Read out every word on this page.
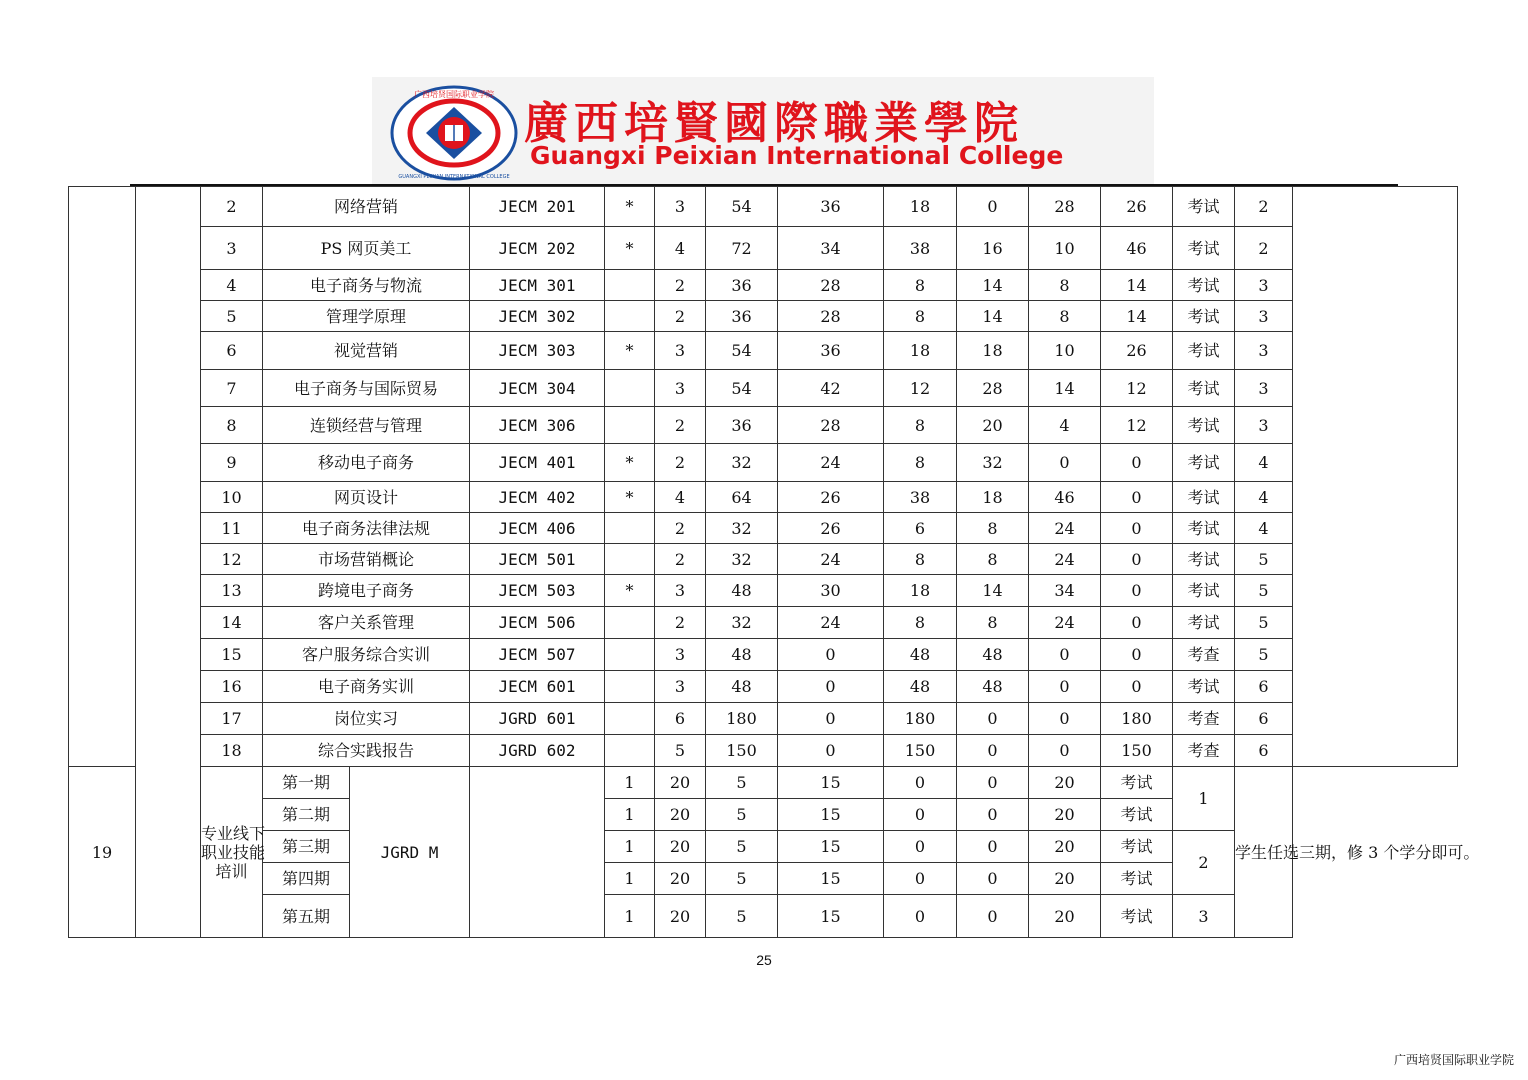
广西培贤国际职业学院
GUANGXI PEIXIAN INTERNATIONAL COLLEGE
廣西培賢國際職業學院
Guangxi Peixian International College
		2	网络营销		JECM 201	*	3	54	36	18	0	28	26	考试	2	
		3	PS 网页美工		JECM 202	*	4	72	34	38	16	10	46	考试	2	
		4	电子商务与物流		JECM 301		2	36	28	8	14	8	14	考试	3	
		5	管理学原理		JECM 302		2	36	28	8	14	8	14	考试	3	
		6	视觉营销		JECM 303	*	3	54	36	18	18	10	26	考试	3	
		7	电子商务与国际贸易		JECM 304		3	54	42	12	28	14	12	考试	3	
		8	连锁经营与管理		JECM 306		2	36	28	8	20	4	12	考试	3	
		9	移动电子商务		JECM 401	*	2	32	24	8	32	0	0	考试	4	
		10	网页设计		JECM 402	*	4	64	26	38	18	46	0	考试	4	
		11	电子商务法律法规		JECM 406		2	32	26	6	8	24	0	考试	4	
		12	市场营销概论		JECM 501		2	32	24	8	8	24	0	考试	5	
		13	跨境电子商务		JECM 503	*	3	48	30	18	14	34	0	考试	5	
		14	客户关系管理		JECM 506		2	32	24	8	8	24	0	考试	5	
		15	客户服务综合实训		JECM 507		3	48	0	48	48	0	0	考查	5	
		16	电子商务实训		JECM 601		3	48	0	48	48	0	0	考试	6	
		17	岗位实习		JGRD 601		6	180	0	180	0	0	180	考查	6	
		18	综合实践报告		JGRD 602		5	150	0	150	0	0	150	考查	6	
19		专业线下
职业技能
培训	第一期	JGRD M		1	20	5	15	0	0	20	考试	1	学生任选三期，修 3 个学分即可。	
			第二期			1	20	5	15	0	0	20	考试			
			第三期			1	20	5	15	0	0	20	考试	2		
			第四期			1	20	5	15	0	0	20	考试			
			第五期			1	20	5	15	0	0	20	考试	3		
25
广西培贤国际职业学院
